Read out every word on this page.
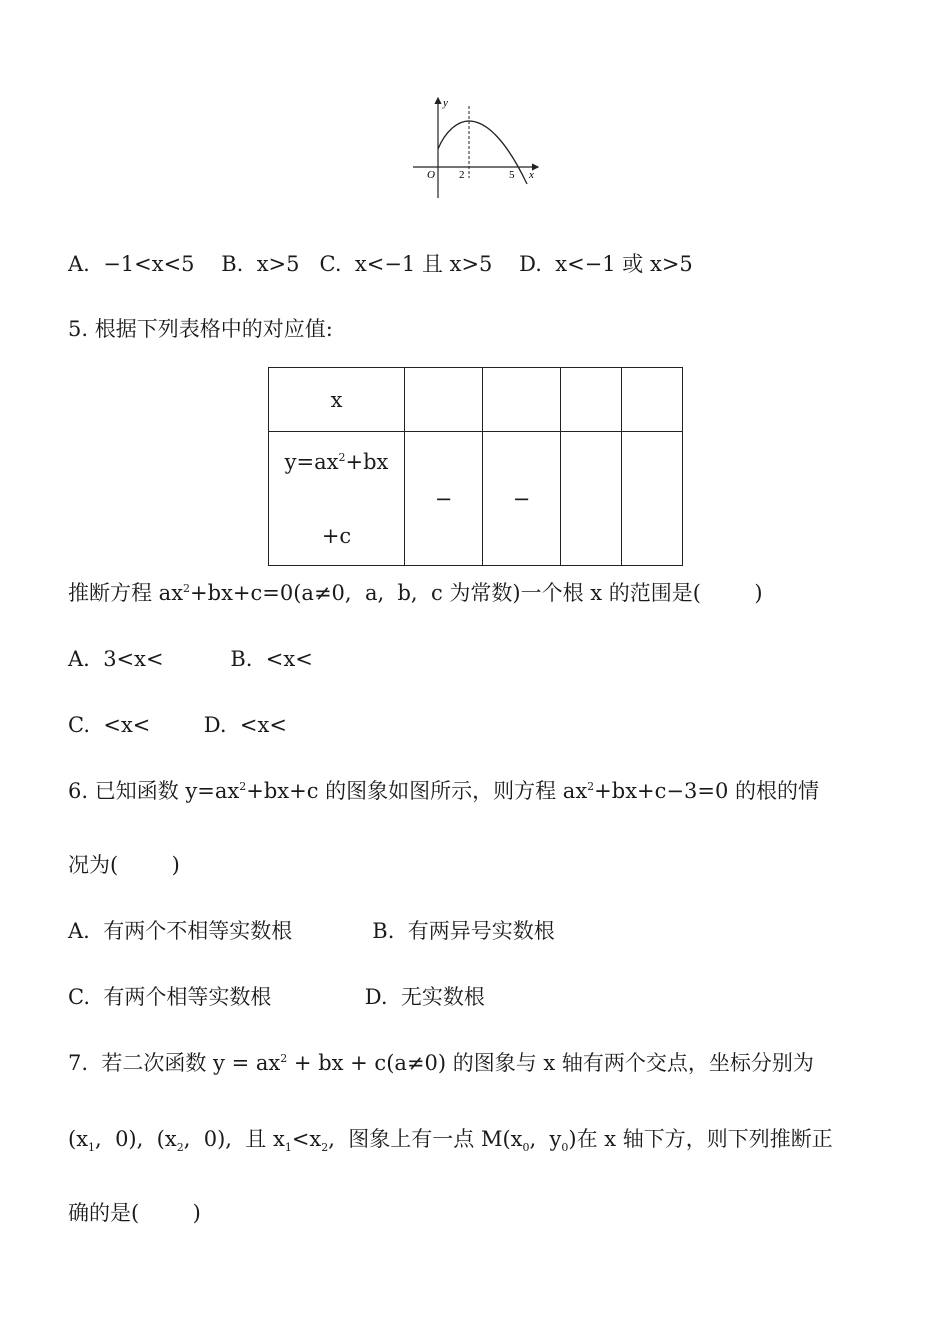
y
O 2	5 x
A.  −1<x<5    B.  x>5   C.  x<−1 且 x>5    D.  x<−1 或 x>5
5. 根据下列表格中的对应值:
x				

$y=ax^2+bx$
+c	−	−		
推断方程 $ax^2+bx+c=0(a\ne 0$,  a,  b,  c 为常数)一个根 x 的范围是(        )
A.  3<x<          B.  <x<
C.  <x<        D.  <x<
6. 已知函数 $y=ax^2+bx+c$ 的图象如图所示，则方程 $ax^2+bx+c-3=0$ 的根的情
况为(        )
A.  有两个不相等实数根            B.  有两异号实数根
C.  有两个相等实数根              D.  无实数根
7.  若二次函数 $y = ax^2$ + bx + c(a≠0) 的图象与 x 轴有两个交点，坐标分别为
($x_1$,  0),  ($x_2$,  0),  且 $x_1<x_2$,  图象上有一点 $M(x_0$,  $y_0$)在 x 轴下方，则下列推断正
确的是(        )
